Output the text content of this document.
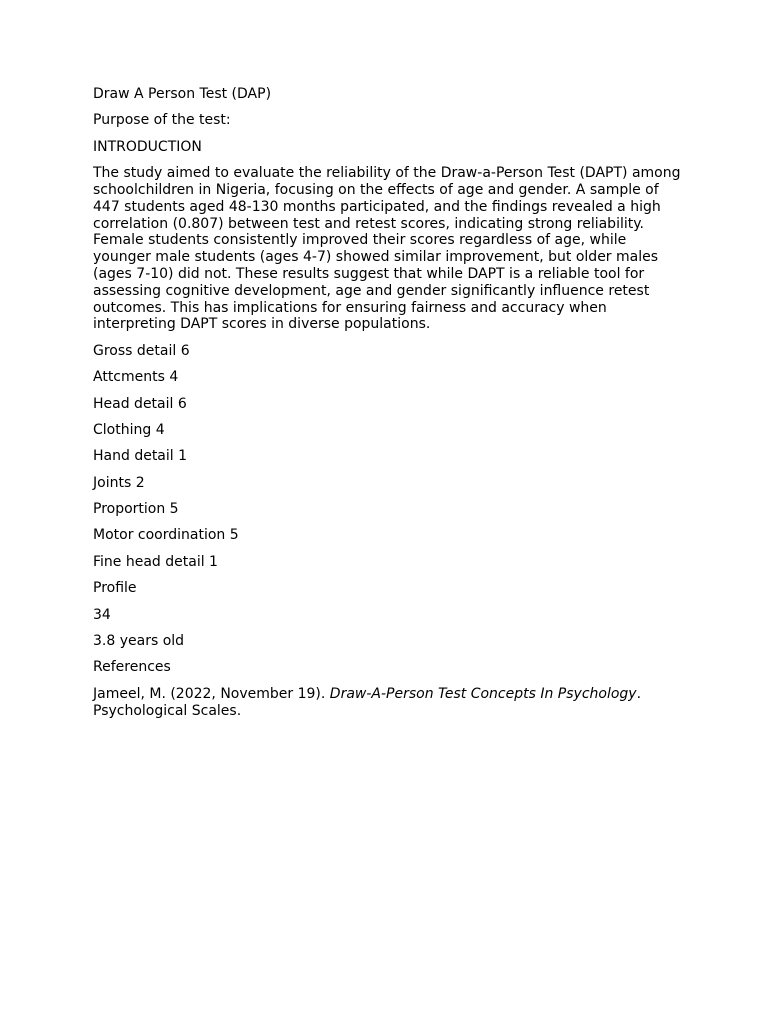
Draw A Person Test (DAP)

Purpose of the test:

INTRODUCTION

The study aimed to evaluate the reliability of the Draw-a-Person Test (DAPT) among schoolchildren in Nigeria, focusing on the effects of age and gender. A sample of 447 students aged 48-130 months participated, and the findings revealed a high correlation (0.807) between test and retest scores, indicating strong reliability. Female students consistently improved their scores regardless of age, while younger male students (ages 4-7) showed similar improvement, but older males (ages 7-10) did not. These results suggest that while DAPT is a reliable tool for assessing cognitive development, age and gender significantly influence retest outcomes. This has implications for ensuring fairness and accuracy when interpreting DAPT scores in diverse populations.

Gross detail 6

Attcments 4

Head detail 6

Clothing 4

Hand detail 1

Joints 2

Proportion 5

Motor coordination 5

Fine head detail 1

Profile

34

3.8 years old

References

Jameel, M. (2022, November 19). Draw-A-Person Test Concepts In Psychology. Psychological Scales.
